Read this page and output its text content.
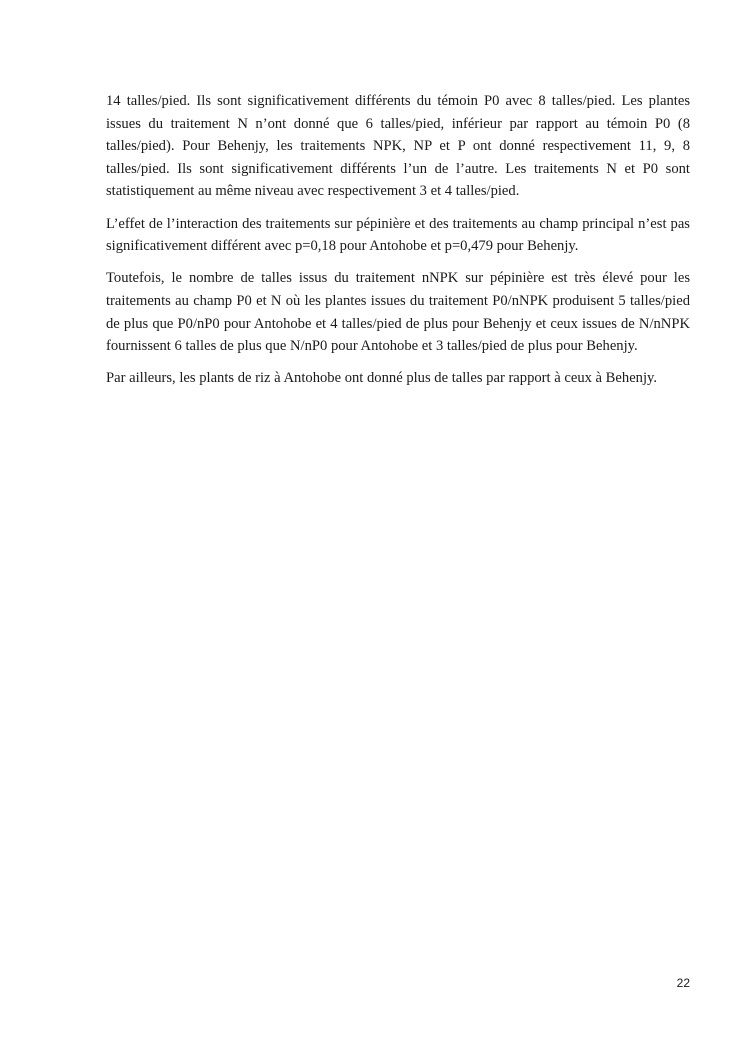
14 talles/pied. Ils sont significativement différents du témoin P0 avec 8 talles/pied. Les plantes issues du traitement N n’ont donné que 6 talles/pied, inférieur par rapport au témoin P0 (8 talles/pied). Pour Behenjy, les traitements NPK, NP et P ont donné respectivement 11, 9, 8 talles/pied. Ils sont significativement différents l’un de l’autre. Les traitements N et P0 sont statistiquement au même niveau avec respectivement 3 et 4 talles/pied.

L’effet de l’interaction des traitements sur pépinière et des traitements au champ principal n’est pas significativement différent avec p=0,18 pour Antohobe et p=0,479 pour Behenjy.

Toutefois, le nombre de talles issus du traitement nNPK sur pépinière est très élevé pour les traitements au champ P0 et N où les plantes issues du traitement P0/nNPK produisent 5 talles/pied de plus que P0/nP0 pour Antohobe et 4 talles/pied de plus pour Behenjy et ceux issues de N/nNPK fournissent 6 talles de plus que N/nP0 pour Antohobe et 3 talles/pied de plus pour Behenjy.

Par ailleurs, les plants de riz à Antohobe ont donné plus de talles par rapport à ceux à Behenjy.

22
